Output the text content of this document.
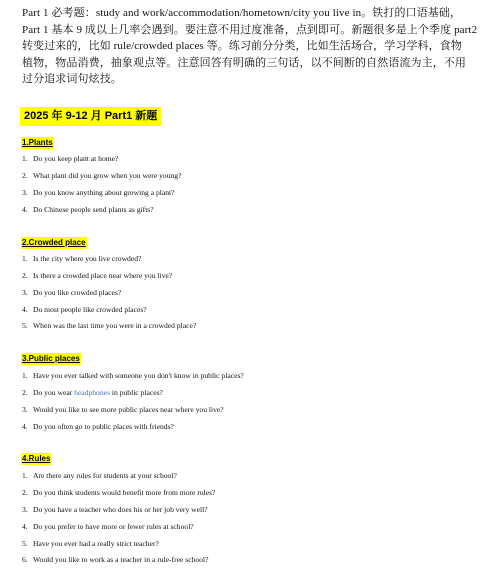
Part 1 必考题：study and work/accommodation/hometown/city you live in。铁打的口语基础，

Part 1 基本 9 成以上几率会遇到。要注意不用过度准备，点到即可。新题很多是上个季度 part2

转变过来的，比如 rule/crowded places 等。练习前分分类，比如生活场合，学习学科，食物

植物，物品消费，抽象观点等。注意回答有明确的三句话，以不间断的自然语流为主，不用

过分追求词句炫技。

2025 年 9-12 月 Part1 新题
1.Plants
1. Do you keep plant at home?
2. What plant did you grow when you were young?
3. Do you know anything about growing a plant?
4. Do Chinese people send plants as gifts?
2.Crowded place
1. Is the city where you live crowded?
2. Is there a crowded place near where you live?
3. Do you like crowded places?
4. Do most people like crowded places?
5. When was the last time you were in a crowded place?
3.Public places
1. Have you ever talked with someone you don't know in public places?
2. Do you wear headphones in public places?
3. Would you like to see more public places near where you live?
4. Do you often go to public places with friends?
4.Rules
1. Are there any rules for students at your school?
2. Do you think students would benefit more from more rules?
3. Do you have a teacher who does his or her job very well?
4. Do you prefer to have more or fewer rules at school?
5. Have you ever had a really strict teacher?
6. Would you like to work as a teacher in a rule-free school?
